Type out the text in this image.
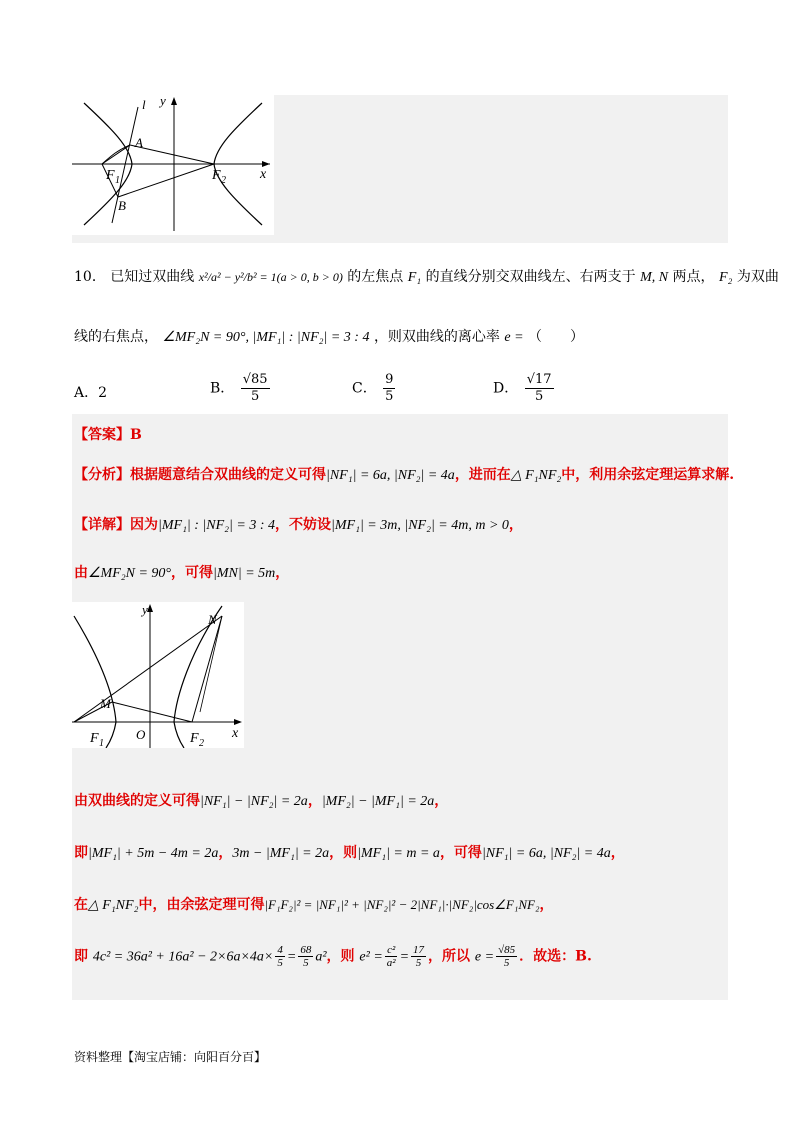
l y
A
B
F 1	F 2 x
10． 已知过双曲线 x²/a² − y²/b² = 1(a > 0, b > 0) 的左焦点 F₁ 的直线分别交双曲线左、右两支于 M, N 两点， F₂ 为双曲
线的右焦点， ∠MF₂N = 90°, |MF₁| : |NF₂| = 3 : 4 ，则双曲线的离心率 e = （　　）
A．2	B． $\frac{√85}{5}$	C． $\frac{9}{5}$	D． $\frac{√17}{5}$
【答案】B
【分析】根据题意结合双曲线的定义可得|NF₁| = 6a, |NF₂| = 4a，进而在△ F₁NF₂中，利用余弦定理运算求解.
【详解】因为|MF₁| : |NF₂| = 3 : 4，不妨设|MF₁| = 3m, |NF₂| = 4m, m > 0，
由∠MF₂N = 90°，可得|MN| = 5m，
y
N
M
F 1
O	F 2
x
由双曲线的定义可得|NF₁| − |NF₂| = 2a，|MF₂| − |MF₁| = 2a，
即|MF₁| + 5m − 4m = 2a，3m − |MF₁| = 2a，则|MF₁| = m = a，可得|NF₁| = 6a, |NF₂| = 4a，
在△ F₁NF₂中，由余弦定理可得|F₁F₂|² = |NF₁|² + |NF₂|² − 2|NF₁|·|NF₂|cos∠F₁NF₂，
即 $4c^2 = 36a^2 + 16a^2 - 2\times 6a\times 4a\times \frac{4}{5} = \frac{68}{5} a^2$，则 $e^2 = \frac{\text{c²}}{\text{a²}} = \frac{17}{5}$ ，所以 $e = \frac{√85}{5}$ ．故选：B.
资料整理【淘宝店铺：向阳百分百】
